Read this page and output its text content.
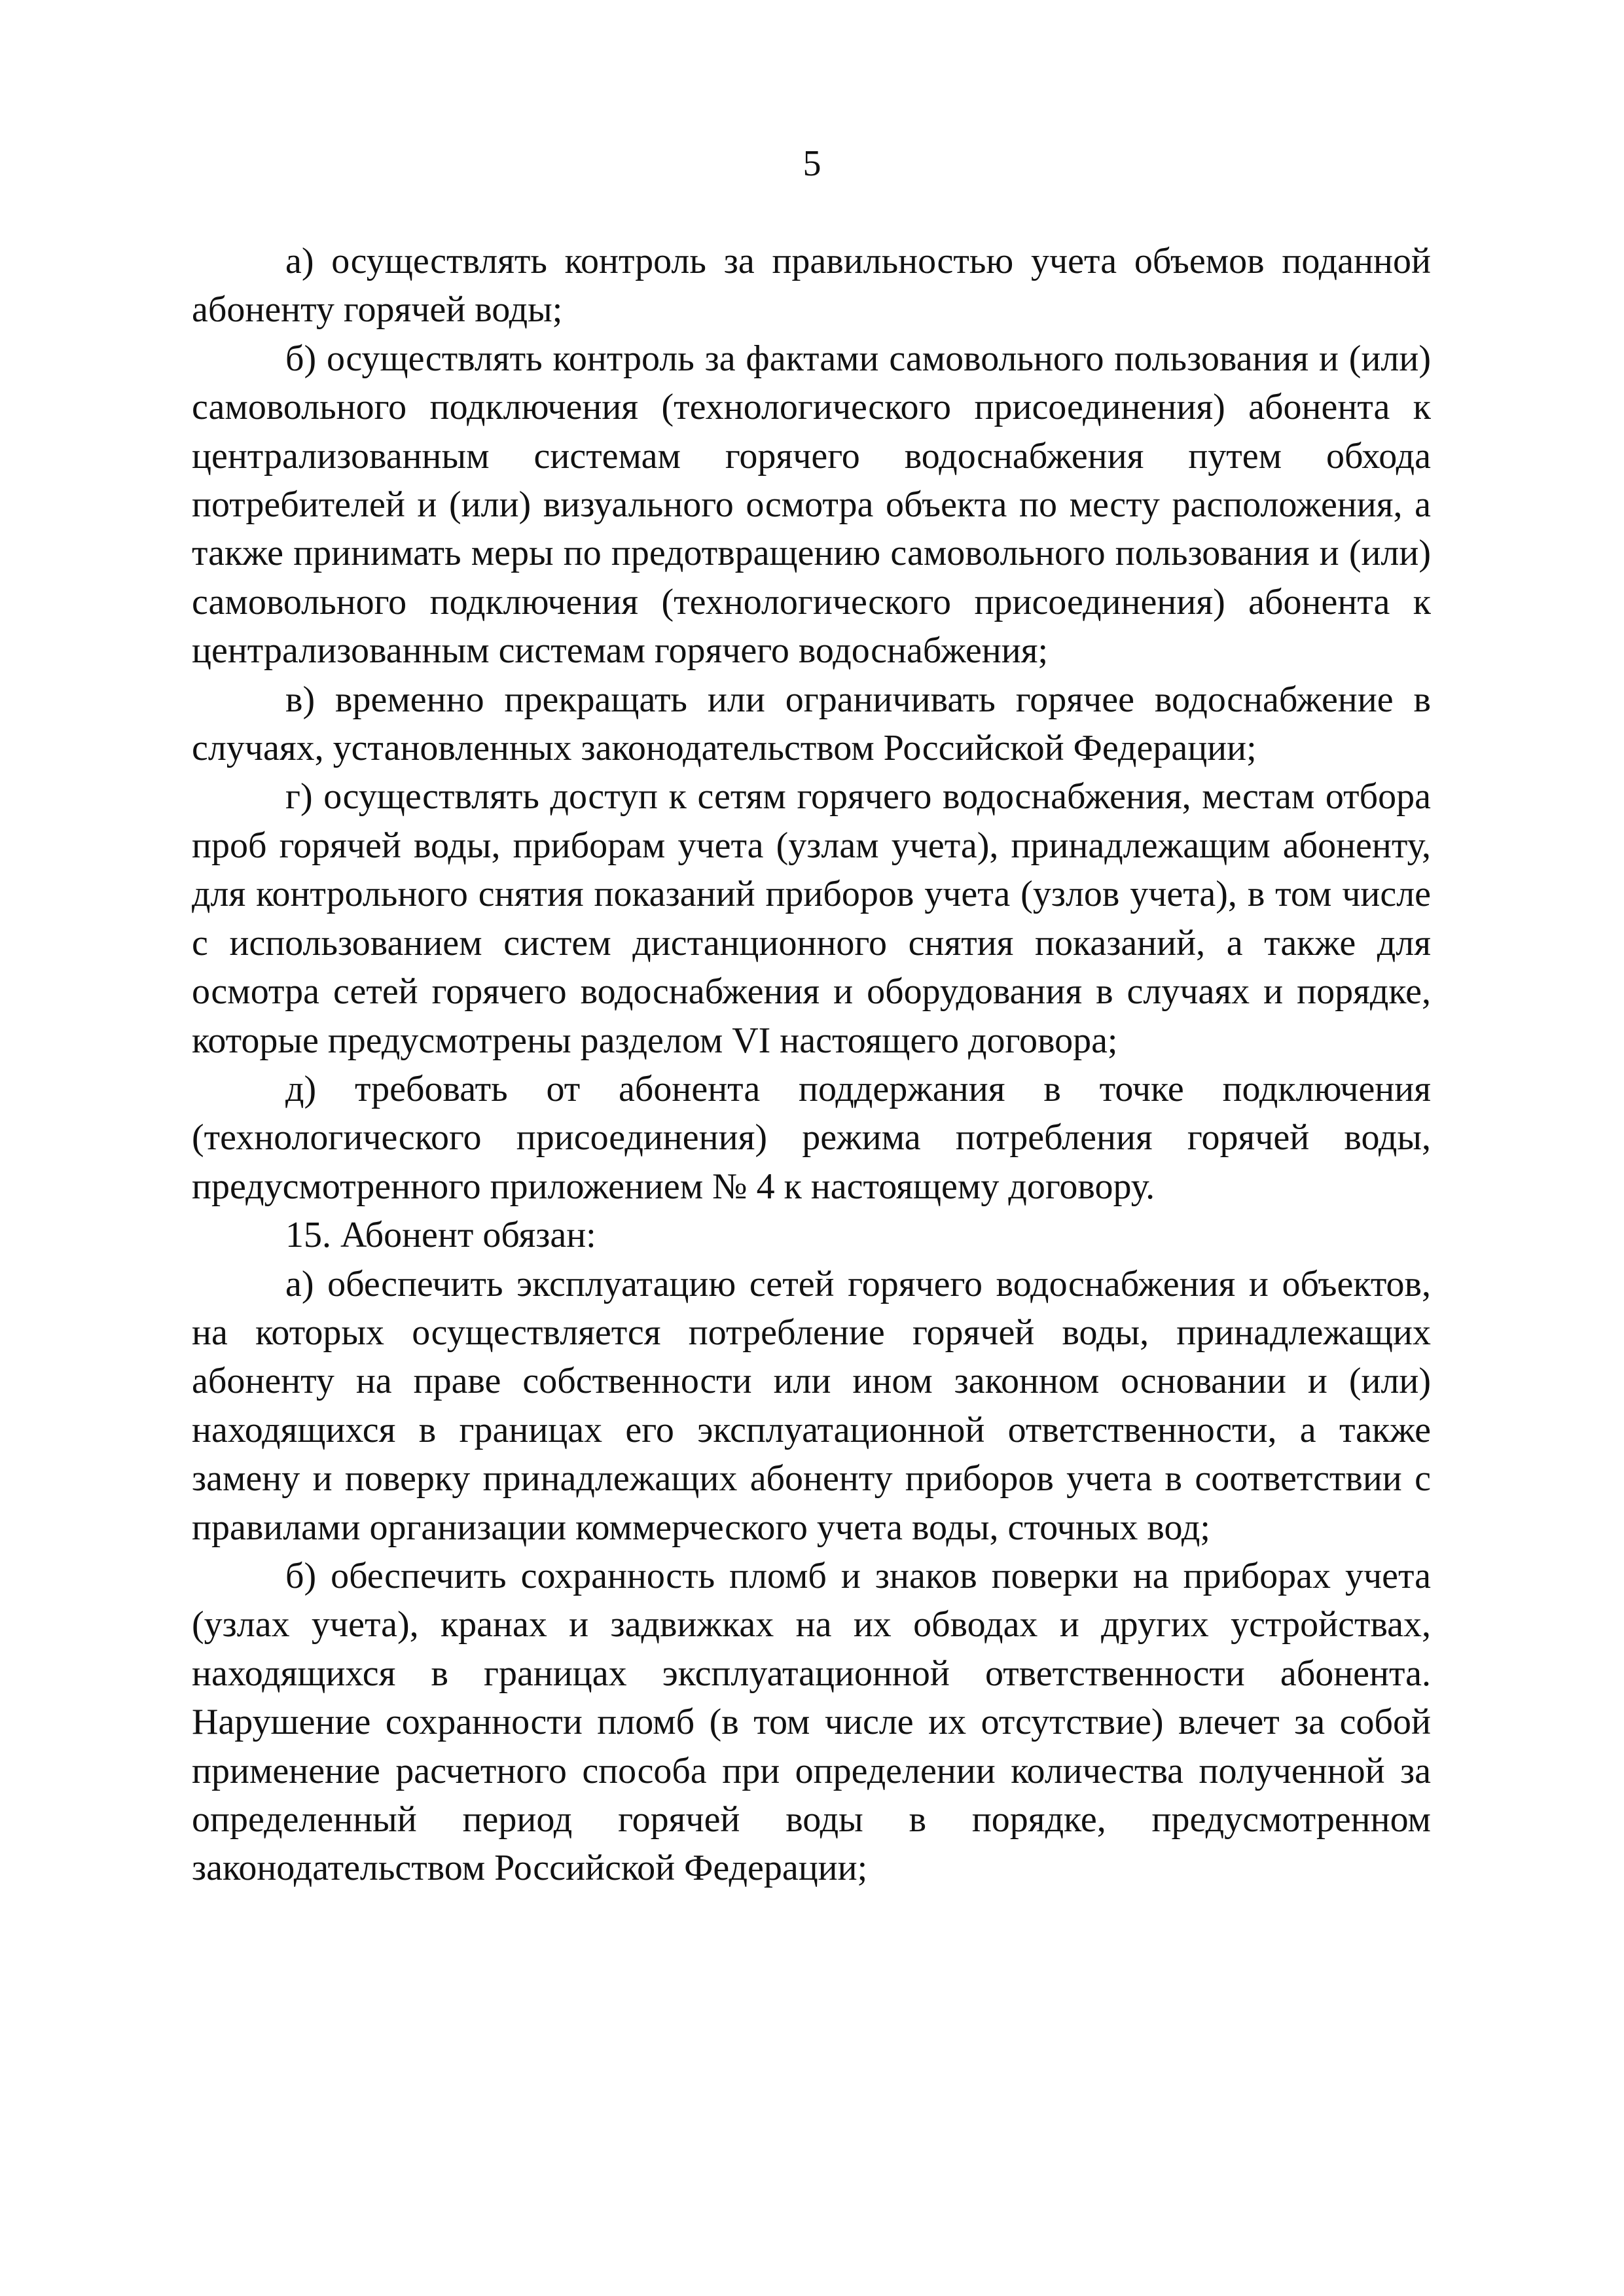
5

а) осуществлять контроль за правильностью учета объемов поданной абоненту горячей воды;

б) осуществлять контроль за фактами самовольного пользования и (или) самовольного подключения (технологического присоединения) абонента к централизованным системам горячего водоснабжения путем обхода потребителей и (или) визуального осмотра объекта по месту расположения, а также принимать меры по предотвращению самовольного пользования и (или) самовольного подключения (технологического присоединения) абонента к централизованным системам горячего водоснабжения;

в) временно прекращать или ограничивать горячее водоснабжение в случаях, установленных законодательством Российской Федерации;

г) осуществлять доступ к сетям горячего водоснабжения, местам отбора проб горячей воды, приборам учета (узлам учета), принадлежащим абоненту, для контрольного снятия показаний приборов учета (узлов учета), в том числе с использованием систем дистанционного снятия показаний, а также для осмотра сетей горячего водоснабжения и оборудования в случаях и порядке, которые предусмотрены разделом VI настоящего договора;

д) требовать от абонента поддержания в точке подключения (технологического присоединения) режима потребления горячей воды, предусмотренного приложением № 4 к настоящему договору.

15. Абонент обязан:

а) обеспечить эксплуатацию сетей горячего водоснабжения и объектов, на которых осуществляется потребление горячей воды, принадлежащих абоненту на праве собственности или ином законном основании и (или) находящихся в границах его эксплуатационной ответственности, а также замену и поверку принадлежащих абоненту приборов учета в соответствии с правилами организации коммерческого учета воды, сточных вод;

б) обеспечить сохранность пломб и знаков поверки на приборах учета (узлах учета), кранах и задвижках на их обводах и других устройствах, находящихся в границах эксплуатационной ответственности абонента. Нарушение сохранности пломб (в том числе их отсутствие) влечет за собой применение расчетного способа при определении количества полученной за определенный период горячей воды в порядке, предусмотренном законодательством Российской Федерации;
